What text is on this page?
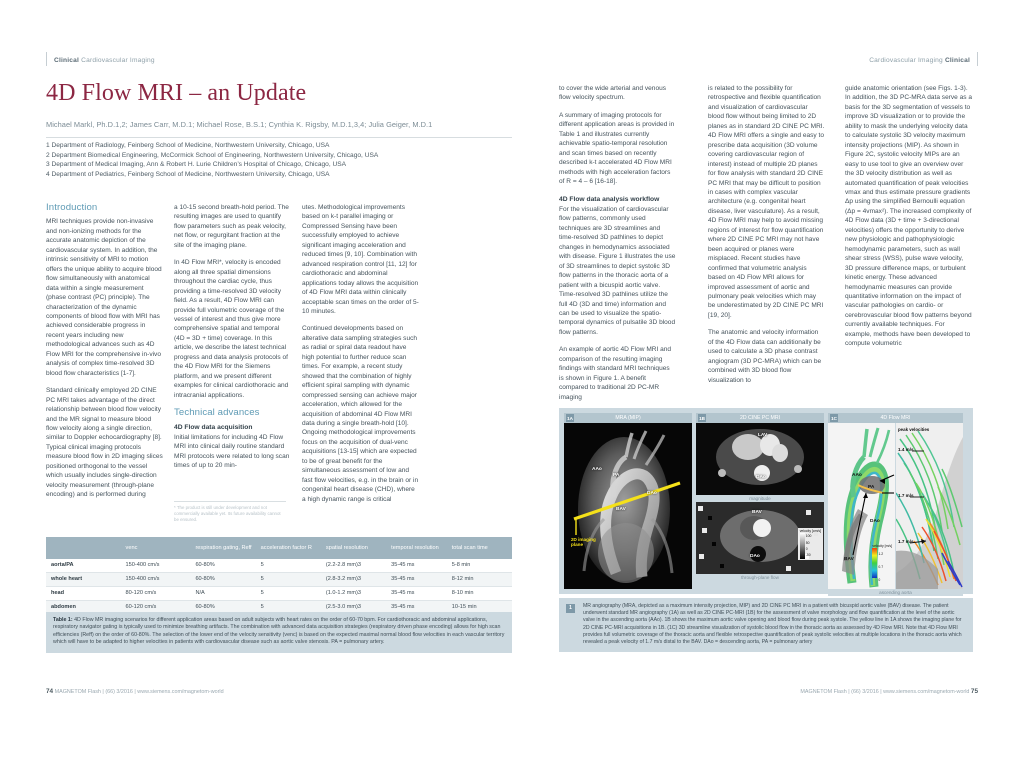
Clinical Cardiovascular Imaging	Cardiovascular Imaging Clinical
4D Flow MRI – an Update
Michael Markl, Ph.D.1,2; James Carr, M.D.1; Michael Rose, B.S.1; Cynthia K. Rigsby, M.D.1,3,4; Julia Geiger, M.D.1
1 Department of Radiology, Feinberg School of Medicine, Northwestern University, Chicago, USA
2 Department Biomedical Engineering, McCormick School of Engineering, Northwestern University, Chicago, USA
3 Department of Medical Imaging, Ann & Robert H. Lurie Children’s Hospital of Chicago, Chicago, USA
4 Department of Pediatrics, Feinberg School of Medicine, Northwestern University, Chicago, USA
Introduction

MRI techniques provide non-invasive and non-ionizing methods for the accurate anatomic depiction of the cardiovascular system. In addition, the intrinsic sensitivity of MRI to motion offers the unique ability to acquire blood flow simultaneously with anatomical data within a single measurement (phase contrast (PC) principle). The characterization of the dynamic components of blood flow with MRI has achieved considerable progress in recent years including new methodological advances such as 4D Flow MRI for the comprehensive in-vivo analysis of complex time-resolved 3D blood flow characteristics [1-7].

Standard clinically employed 2D CINE PC MRI takes advantage of the direct relationship between blood flow velocity and the MR signal to measure blood flow velocity along a single direction, similar to Doppler echocardiography [8]. Typical clinical imaging protocols measure blood flow in 2D imaging slices positioned orthogonal to the vessel which usually includes single-direction velocity measurement (through-plane encoding) and is performed during

a 10-15 second breath-hold period. The resulting images are used to quantify flow parameters such as peak velocity, net flow, or regurgitant fraction at the site of the imaging plane.

In 4D Flow MRI*, velocity is encoded along all three spatial dimensions throughout the cardiac cycle, thus providing a time-resolved 3D velocity field. As a result, 4D Flow MRI can provide full volumetric coverage of the vessel of interest and thus give more comprehensive spatial and temporal (4D = 3D + time) coverage. In this article, we describe the latest technical progress and data analysis protocols of the 4D Flow MRI for the Siemens platform, and we present different examples for clinical cardiothoracic and intracranial applications.

Technical advances
4D Flow data acquisition

Initial limitations for including 4D Flow MRI into clinical daily routine standard MRI protocols were related to long scan times of up to 20 min-

* The product is still under development and not commercially available yet. Its future availability cannot be ensured.

utes. Methodological improvements based on k-t parallel imaging or Compressed Sensing have been successfully employed to achieve significant imaging acceleration and reduced times [9, 10]. Combination with advanced respiration control [11, 12] for cardiothoracic and abdominal applications today allows the acquisition of 4D Flow MRI data within clinically acceptable scan times on the order of 5-10 minutes.

Continued developments based on alterative data sampling strategies such as radial or spiral data readout have high potential to further reduce scan times. For example, a recent study showed that the combination of highly efficient spiral sampling with dynamic compressed sensing can achieve major acceleration, which allowed for the acquisition of abdominal 4D Flow MRI data during a single breath-hold [10]. Ongoing methodological improvements focus on the acquisition of dual-venc acquisitions [13-15] which are expected to be of great benefit for the simultaneous assessment of low and fast flow velocities, e.g. in the brain or in congenital heart disease (CHD), where a high dynamic range is critical

to cover the wide arterial and venous flow velocity spectrum.

A summary of imaging protocols for different application areas is provided in Table 1 and illustrates currently achievable spatio-temporal resolution and scan times based on recently described k-t accelerated 4D Flow MRI methods with high acceleration factors of R = 4 – 6 [16-18].

4D Flow data analysis workflow

For the visualization of cardiovascular flow patterns, commonly used techniques are 3D streamlines and time-resolved 3D pathlines to depict changes in hemodynamics associated with disease. Figure 1 illustrates the use of 3D streamlines to depict systolic 3D flow patterns in the thoracic aorta of a patient with a bicuspid aortic valve. Time-resolved 3D pathlines utilize the full 4D (3D and time) information and can be used to visualize the spatio-temporal dynamics of pulsatile 3D blood flow patterns.

An example of aortic 4D Flow MRI and comparison of the resulting imaging findings with standard MRI techniques is shown in Figure 1. A benefit compared to traditional 2D PC-MR imaging

is related to the possibility for retrospective and flexible quantification and visualization of cardiovascular blood flow without being limited to 2D planes as in standard 2D CINE PC MRI. 4D Flow MRI offers a single and easy to prescribe data acquisition (3D volume covering cardiovascular region of interest) instead of multiple 2D planes for flow analysis with standard 2D CINE PC MRI that may be difficult to position in cases with complex vascular architecture (e.g. congenital heart disease, liver vasculature). As a result, 4D Flow MRI may help to avoid missing regions of interest for flow quantification where 2D CINE PC MRI may not have been acquired or planes were misplaced. Recent studies have confirmed that volumetric analysis based on 4D Flow MRI allows for improved assessment of aortic and pulmonary peak velocities which may be underestimated by 2D CINE PC MRI [19, 20].

The anatomic and velocity information of the 4D Flow data can additionally be used to calculate a 3D phase contrast angiogram (3D PC-MRA) which can be combined with 3D blood flow visualization to

guide anatomic orientation (see Figs. 1-3). In addition, the 3D PC-MRA data serve as a basis for the 3D segmentation of vessels to improve 3D visualization or to provide the ability to mask the underlying velocity data to calculate systolic 3D velocity maximum intensity projections (MIP). As shown in Figure 2C, systolic velocity MIPs are an easy to use tool to give an overview over the 3D velocity distribution as well as automated quantification of peak velocities vmax and thus estimate pressure gradients Δp using the simplified Bernoulli equation (Δp = 4vmax²). The increased complexity of 4D Flow data (3D + time + 3-directional velocities) offers the opportunity to derive new physiologic and pathophysiologic hemodynamic parameters, such as wall shear stress (WSS), pulse wave velocity, 3D pressure difference maps, or turbulent kinetic energy. These advanced hemodynamic measures can provide quantitative information on the impact of vascular pathologies on cardio- or cerebrovascular blood flow patterns beyond currently available techniques. For example, methods have been developed to compute volumetric

	venc	respiration gating, Reff	acceleration factor R	spatial resolution	temporal resolution	total scan time
aorta/PA	150-400 cm/s	60-80%	5	(2.2-2.8 mm)3	35-45 ms	5-8 min
whole heart	150-400 cm/s	60-80%	5	(2.8-3.2 mm)3	35-45 ms	8-12 min
head	80-120 cm/s	N/A	5	(1.0-1.2 mm)3	35-45 ms	8-10 min
abdomen	60-120 cm/s	60-80%	5	(2.5-3.0 mm)3	35-45 ms	10-15 min
Table 1: 4D Flow MR imaging scenarios for different application areas based on adult subjects with heart rates on the order of 60-70 bpm. For cardiothoracic and abdominal applications, respiratory navigator gating is typically used to minimize breathing artifacts. The combination with advanced data acquisition strategies (respiratory driven phase encoding) allows for high scan efficiencies (Reff) on the order of 60-80%. The selection of the lower end of the velocity sensitivity (venc) is based on the expected maximal normal blood flow velocities in each vascular territory which will have to be adapted to higher velocities in patients with cardiovascular disease such as aortic valve stenosis. PA = pulmonary artery.
1A	MRA (MIP)
AAo
PA
DAo
BAV
2D imaging plane
1B	2D CINE PC MRI
LAV
DAo
magnitude
BAV
DAo
velocity [cm/s]
100
50
0
-50
through-plane flow
1C	4D Flow MRI
AAo
PA
DAo
BAV
velocity [m/s]
1.2
0.7
0
peak velocities
1.4 m/s
1.7 m/s
1.7 m/s
ascending aorta
1	MR angiography (MRA, depicted as a maximum intensity projection, MIP) and 2D CINE PC MRI in a patient with bicuspid aortic valve (BAV) disease. The patient underwent standard MR angiography (1A) as well as 2D CINE PC-MRI (1B) for the assessment of valve morphology and flow quantification at the level of the aortic valve in the ascending aorta (AAo). 1B shows the maximum aortic valve opening and blood flow during peak systole. The yellow line in 1A shows the imaging plane for 2D CINE PC-MRI acquisitions in 1B. (1C) 3D streamline visualization of systolic blood flow in the thoracic aorta as assessed by 4D Flow MRI. Note that 4D Flow MRI provides full volumetric coverage of the thoracic aorta and flexible retrospective quantification of peak systolic velocities at multiple locations in the thoracic aorta which revealed a peak velocity of 1.7 m/s distal to the BAV. DAo = descending aorta, PA = pulmonary artery
74 MAGNETOM Flash | (66) 3/2016 | www.siemens.com/magnetom-world	MAGNETOM Flash | (66) 3/2016 | www.siemens.com/magnetom-world 75
